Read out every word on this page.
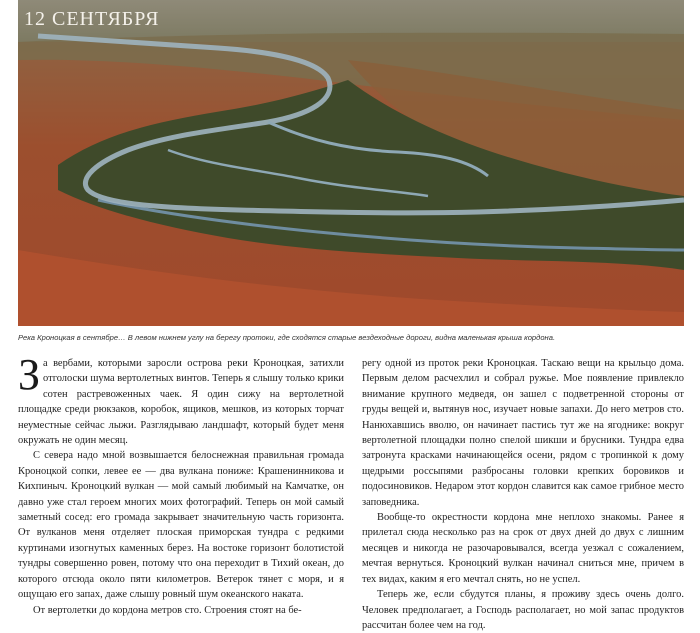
12 СЕНТЯБРЯ
Река Кроноцкая в сентябре… В левом нижнем углу на берегу протоки, где сходятся старые вездеходные дороги, видна маленькая крыша кордона.

За вербами, которыми заросли острова реки Кроноцкая, затихли отголоски шума вертолетных винтов. Теперь я слышу только крики сотен растревоженных чаек. Я один сижу на вертолетной площадке среди рюкзаков, коробок, ящиков, мешков, из которых торчат неуместные сейчас лыжи. Разглядываю ландшафт, который будет меня окружать не один месяц.

С севера надо мной возвышается белоснежная правильная громада Кроноцкой сопки, левее ее — два вулкана пониже: Крашенинникова и Кихпиныч. Кроноцкий вулкан — мой самый любимый на Камчатке, он давно уже стал героем многих моих фотографий. Теперь он мой самый заметный сосед: его громада закрывает значительную часть горизонта. От вулканов меня отделяет плоская приморская тундра с редкими куртинами изогнутых каменных берез. На востоке горизонт болотистой тундры совершенно ровен, потому что она переходит в Тихий океан, до которого отсюда около пяти километров. Ветерок тянет с моря, и я ощущаю его запах, даже слышу ровный шум океанского наката.

От вертолетки до кордона метров сто. Строения стоят на бе-

регу одной из проток реки Кроноцкая. Таскаю вещи на крыльцо дома. Первым делом расчехлил и собрал ружье. Мое появление привлекло внимание крупного медведя, он зашел с подветренной стороны от груды вещей и, вытянув нос, изучает новые запахи. До него метров сто. Нанюхавшись вволю, он начинает пастись тут же на ягоднике: вокруг вертолетной площадки полно спелой шикши и брусники. Тундра едва затронута красками начинающейся осени, рядом с тропинкой к дому щедрыми россыпями разбросаны головки крепких боровиков и подосиновиков. Недаром этот кордон славится как самое грибное место заповедника.

Вообще-то окрестности кордона мне неплохо знакомы. Ранее я прилетал сюда несколько раз на срок от двух дней до двух с лишним месяцев и никогда не разочаровывался, всегда уезжал с сожалением, мечтая вернуться. Кроноцкий вулкан начинал сниться мне, причем в тех видах, каким я его мечтал снять, но не успел.

Теперь же, если сбудутся планы, я проживу здесь очень долго. Человек предполагает, а Господь располагает, но мой запас продуктов рассчитан более чем на год.
